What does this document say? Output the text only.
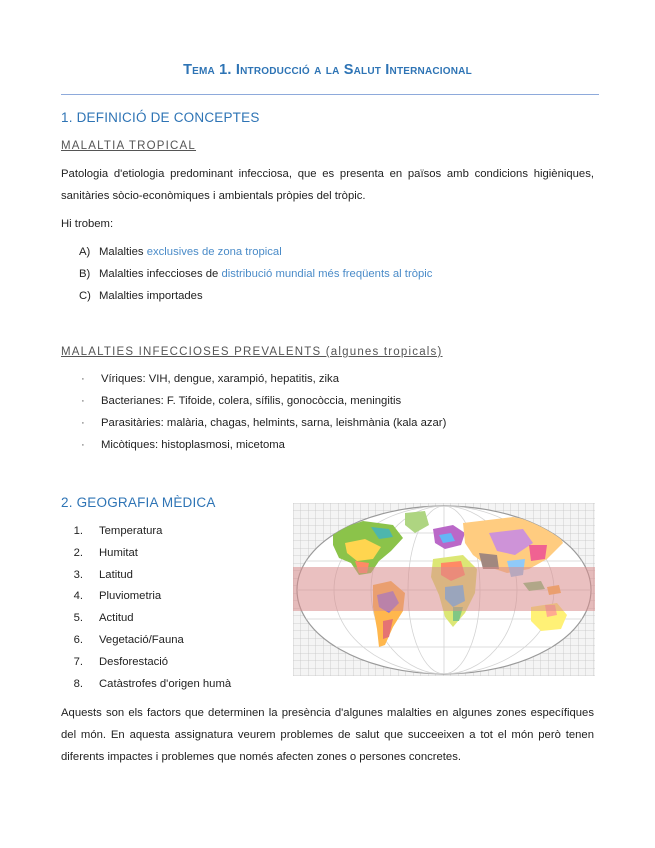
Tema 1. Introducció a la Salut Internacional
1. DEFINICIÓ DE CONCEPTES
MALALTIA TROPICAL
Patologia d'etiologia predominant infecciosa, que es presenta en països amb condicions higièniques, sanitàries sòcio-econòmiques i ambientals pròpies del tròpic.
Hi trobem:
A) Malalties exclusives de zona tropical
B) Malalties infeccioses de distribució mundial més freqüents al tròpic
C) Malalties importades
MALALTIES INFECCIOSES PREVALENTS (algunes tropicals)
· Víriques: VIH, dengue, xarampió, hepatitis, zika
· Bacterianes: F. Tifoide, colera, sífilis, gonocòccia, meningitis
· Parasitàries: malària, chagas, helmints, sarna, leishmània (kala azar)
· Micòtiques: histoplasmosi, micetoma
2. GEOGRAFIA MÈDICA
1. Temperatura
2. Humitat
3. Latitud
4. Pluviometria
5. Actitud
6. Vegetació/Fauna
7. Desforestació
8. Catàstrofes d'origen humà
Aquests son els factors que determinen la presència d'algunes malalties en algunes zones específiques del món. En aquesta assignatura veurem problemes de salut que succeeixen a tot el món però tenen diferents impactes i problemes que només afecten zones o persones concretes.
